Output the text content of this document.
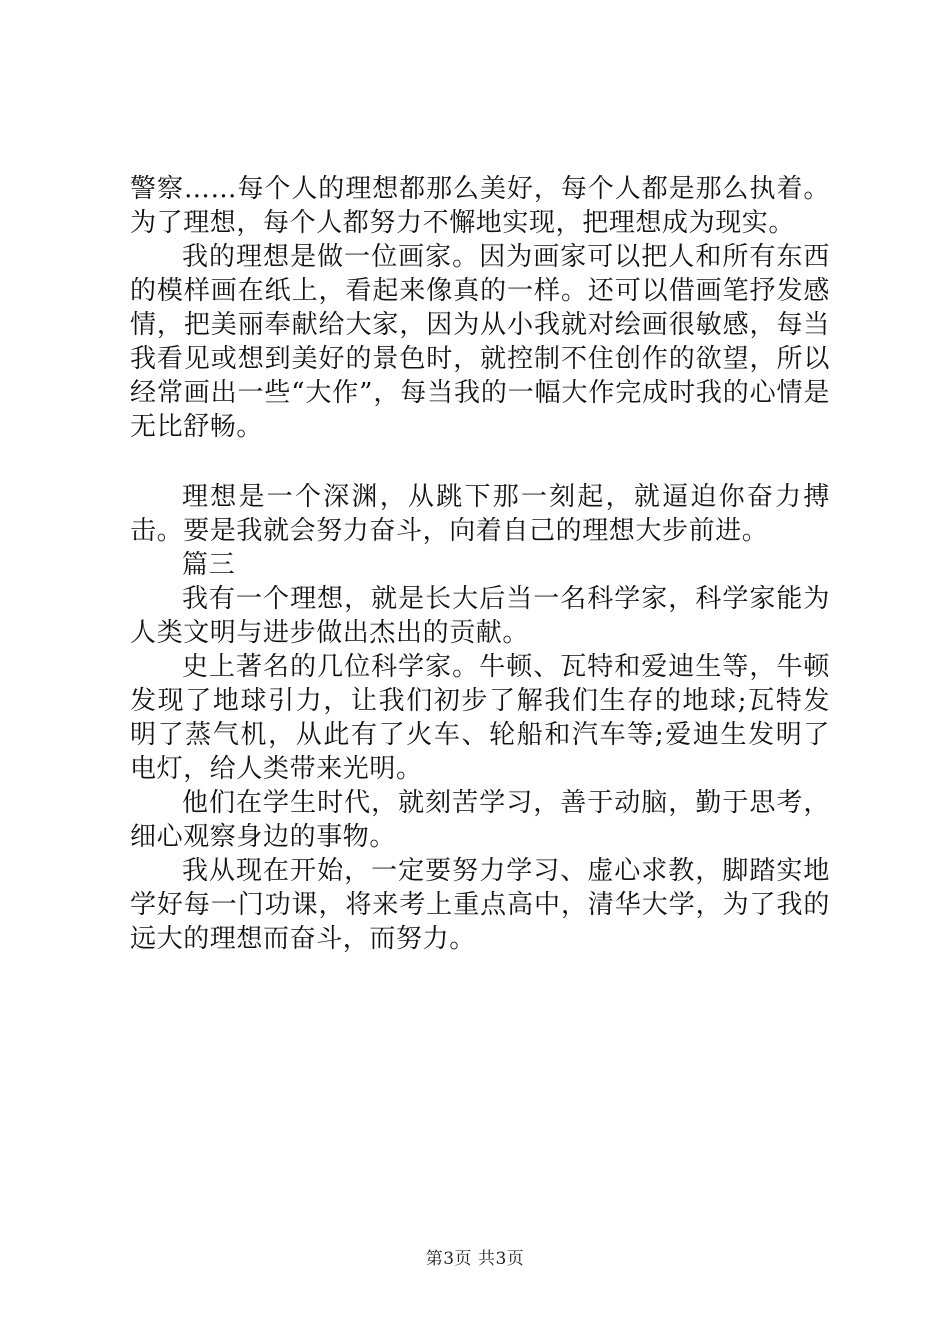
警察……每个人的理想都那么美好，每个人都是那么执着。为了理想，每个人都努力不懈地实现，把理想成为现实。

我的理想是做一位画家。因为画家可以把人和所有东西的模样画在纸上，看起来像真的一样。还可以借画笔抒发感情，把美丽奉献给大家，因为从小我就对绘画很敏感，每当我看见或想到美好的景色时，就控制不住创作的欲望，所以经常画出一些“大作”，每当我的一幅大作完成时我的心情是无比舒畅。

理想是一个深渊，从跳下那一刻起，就逼迫你奋力搏击。要是我就会努力奋斗，向着自己的理想大步前进。

篇三

我有一个理想，就是长大后当一名科学家，科学家能为人类文明与进步做出杰出的贡献。

史上著名的几位科学家。牛顿、瓦特和爱迪生等，牛顿发现了地球引力，让我们初步了解我们生存的地球;瓦特发明了蒸气机，从此有了火车、轮船和汽车等;爱迪生发明了电灯，给人类带来光明。

他们在学生时代，就刻苦学习，善于动脑，勤于思考，细心观察身边的事物。

我从现在开始，一定要努力学习、虚心求教，脚踏实地学好每一门功课，将来考上重点高中，清华大学，为了我的远大的理想而奋斗，而努力。

第3页 共3页
